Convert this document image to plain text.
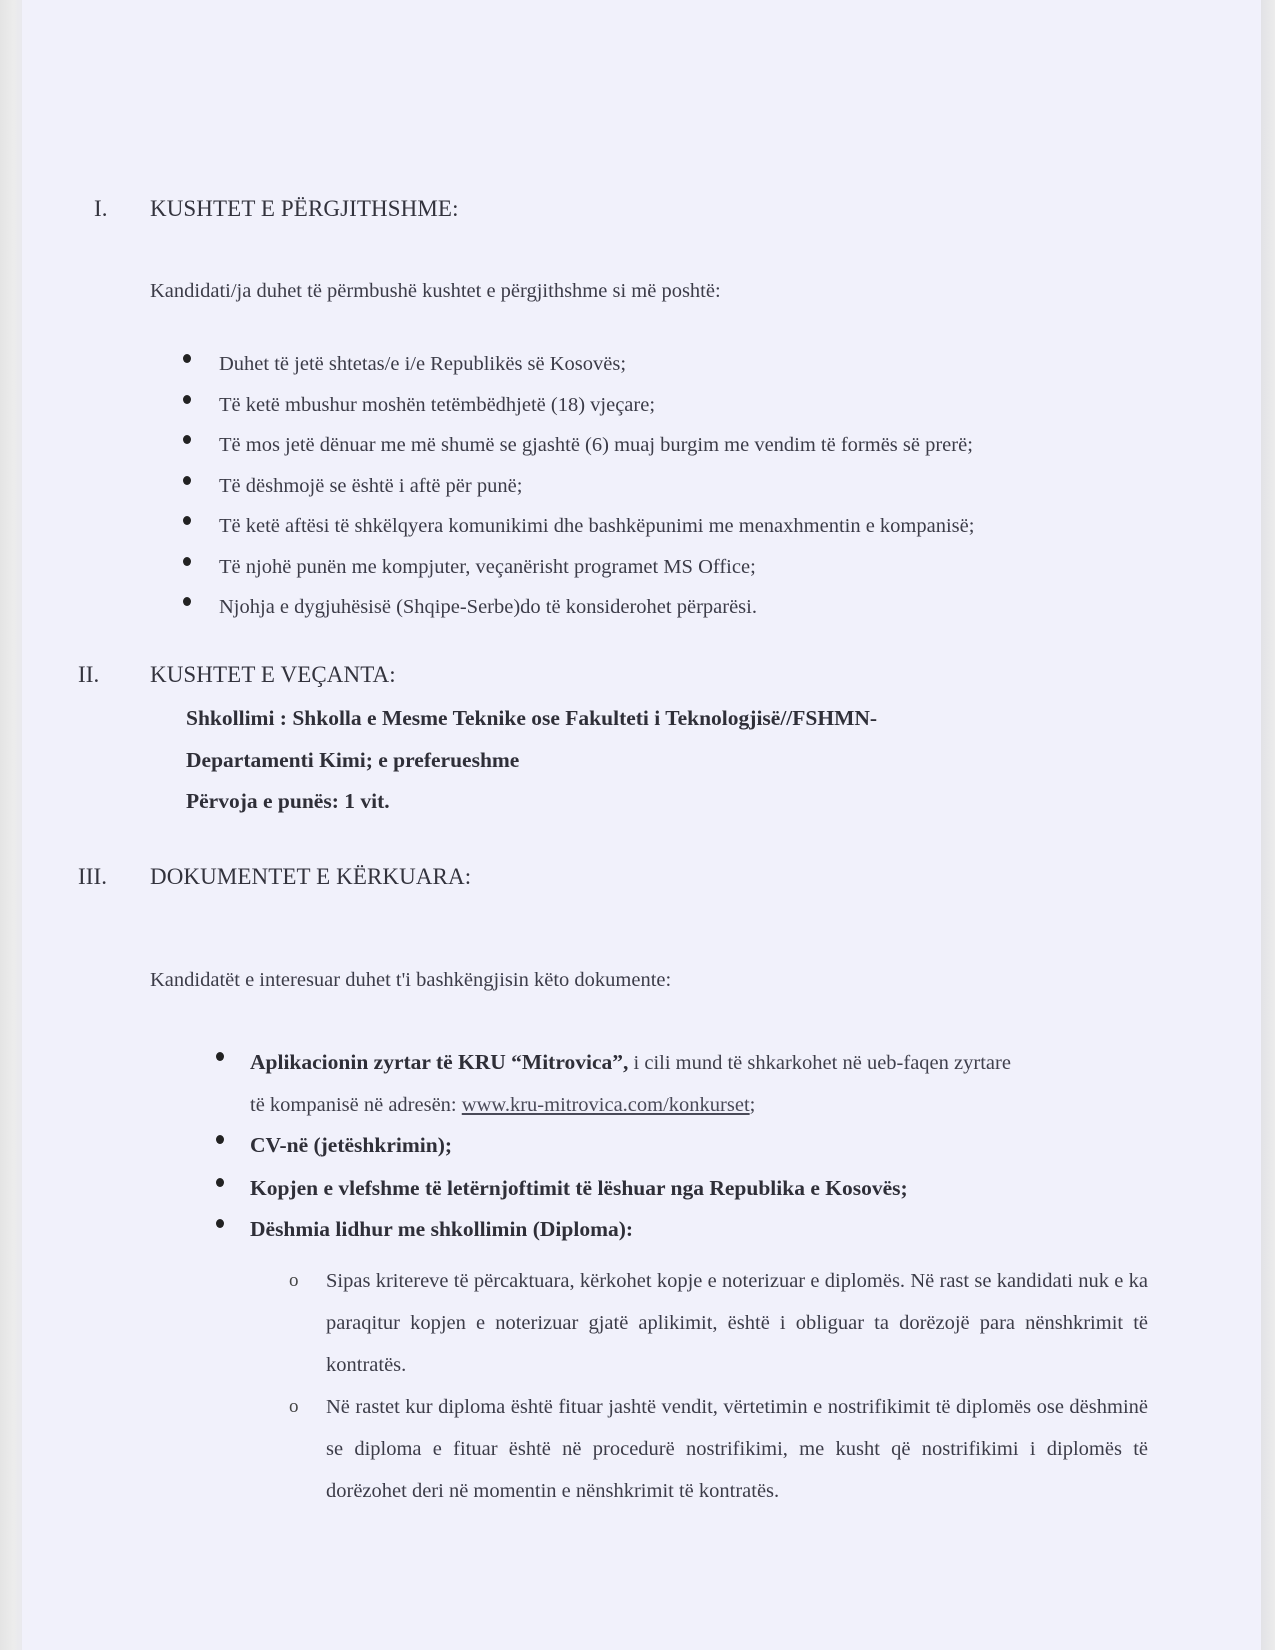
I. KUSHTET E PËRGJITHSHME:
Kandidati/ja duhet të përmbushë kushtet e përgjithshme si më poshtë:
Duhet të jetë shtetas/e i/e Republikës së Kosovës;
Të ketë mbushur moshën tetëmbëdhjetë (18) vjeçare;
Të mos jetë dënuar me më shumë se gjashtë (6) muaj burgim me vendim të formës së prerë;
Të dëshmojë se është i aftë për punë;
Të ketë aftësi të shkëlqyera komunikimi dhe bashkëpunimi me menaxhmentin e kompanisë;
Të njohë punën me kompjuter, veçanërisht programet MS Office;
Njohja e dygjuhësisë (Shqipe-Serbe)do të konsiderohet përparësi.
II. KUSHTET E VEÇANTA:
Shkollimi : Shkolla e Mesme Teknike ose Fakulteti i Teknologjisë//FSHMN-
Departamenti Kimi; e preferueshme
Përvoja e punës: 1 vit.
III. DOKUMENTET E KËRKUARA:
Kandidatët e interesuar duhet t'i bashkëngjisin këto dokumente:
Aplikacionin zyrtar të KRU “Mitrovica”, i cili mund të shkarkohet në ueb-faqen zyrtare
të kompanisë në adresën: www.kru-mitrovica.com/konkurset;
CV-në (jetëshkrimin);
Kopjen e vlefshme të letërnjoftimit të lëshuar nga Republika e Kosovës;
Dëshmia lidhur me shkollimin (Diploma):
o Sipas kritereve të përcaktuara, kërkohet kopje e noterizuar e diplomës. Në rast se kandidati nuk e ka paraqitur kopjen e noterizuar gjatë aplikimit, është i obliguar ta dorëzojë para nënshkrimit të kontratës.
o Në rastet kur diploma është fituar jashtë vendit, vërtetimin e nostrifikimit të diplomës ose dëshminë se diploma e fituar është në procedurë nostrifikimi, me kusht që nostrifikimi i diplomës të dorëzohet deri në momentin e nënshkrimit të kontratës.
